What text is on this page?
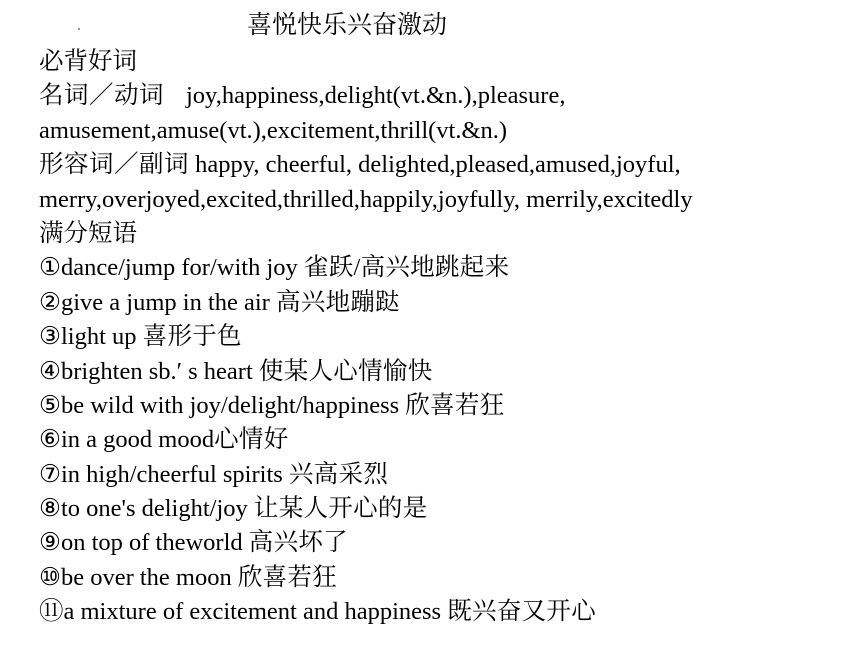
喜悦快乐兴奋激动
必背好词
名词／动词 joy,happiness,delight(vt.&n.),pleasure,
amusement,amuse(vt.),excitement,thrill(vt.&n.)
形容词／副词 happy, cheerful, delighted,pleased,amused,joyful,
merry,overjoyed,excited,thrilled,happily,joyfully, merrily,excitedly
满分短语
①dance/jump for/with joy 雀跃/高兴地跳起来
②give a jump in the air 高兴地蹦跶
③light up 喜形于色
④brighten sb.′ s heart 使某人心情愉快
⑤be wild with joy/delight/happiness 欣喜若狂
⑥in a good mood心情好
⑦in high/cheerful spirits 兴高采烈
⑧to one's delight/joy 让某人开心的是
⑨on top of theworld 高兴坏了
⑩be over the moon 欣喜若狂
⑪a mixture of excitement and happiness 既兴奋又开心
